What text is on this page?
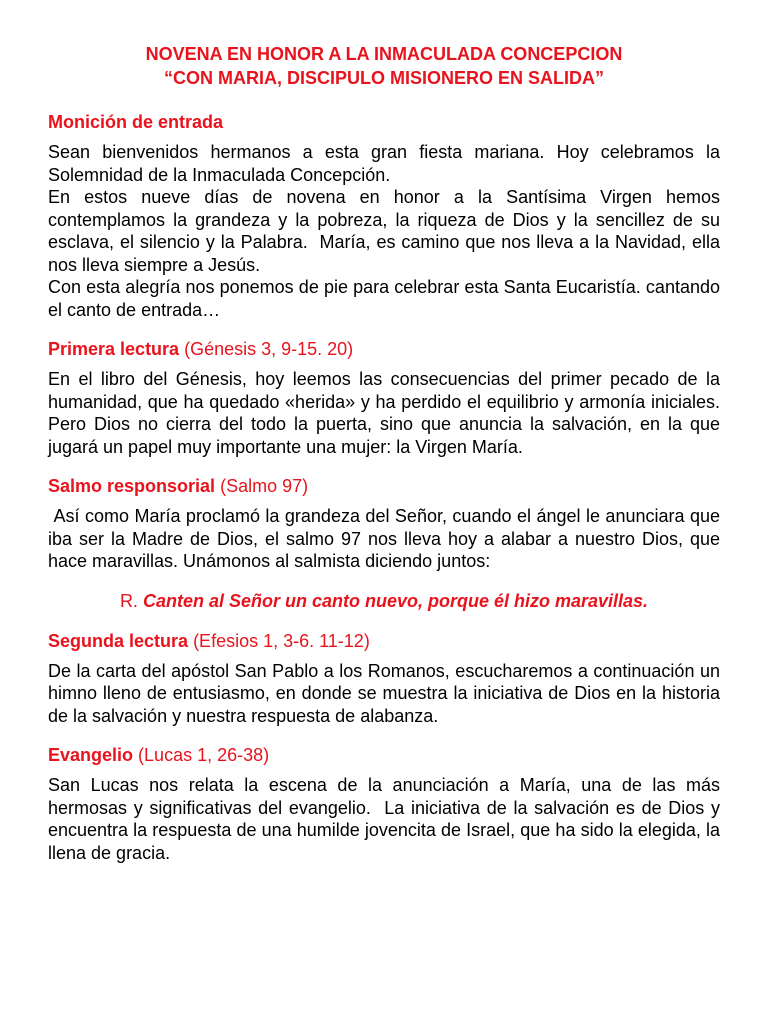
NOVENA EN HONOR A LA INMACULADA CONCEPCION

“CON MARIA, DISCIPULO MISIONERO EN SALIDA”

Monición de entrada

Sean bienvenidos hermanos a esta gran fiesta mariana. Hoy celebramos la Solemnidad de la Inmaculada Concepción.

En estos nueve días de novena en honor a la Santísima Virgen hemos contemplamos la grandeza y la pobreza, la riqueza de Dios y la sencillez de su    esclava, el silencio y la Palabra.  María, es camino que nos lleva a la Navidad, ella nos lleva siempre a Jesús.

Con esta alegría nos ponemos de pie para celebrar esta Santa Eucaristía. cantando el canto de entrada…

Primera lectura (Génesis 3, 9-15. 20)

En el libro del Génesis, hoy leemos las consecuencias del primer pecado de la humanidad, que ha quedado «herida» y ha perdido el equilibrio y armonía iniciales. Pero Dios no cierra del todo la puerta, sino que anuncia la salvación, en la que jugará un papel muy importante una mujer: la Virgen María.

Salmo responsorial (Salmo 97)

Así como María proclamó la grandeza del Señor, cuando el ángel le anunciara que iba ser la Madre de Dios, el salmo 97 nos lleva hoy a alabar a nuestro Dios, que hace maravillas. Unámonos al salmista diciendo juntos:

R. Canten al Señor un canto nuevo, porque él hizo maravillas.

Segunda lectura (Efesios 1, 3-6. 11-12)

De la carta del apóstol San Pablo a los Romanos, escucharemos a continuación un himno lleno de entusiasmo, en donde se muestra la iniciativa de Dios en la historia de la salvación y nuestra respuesta de alabanza.

Evangelio (Lucas 1, 26-38)

San Lucas nos relata la escena de la anunciación a María, una de las más hermosas y significativas del evangelio.  La iniciativa de la salvación es de Dios y encuentra la respuesta de una humilde jovencita de Israel, que ha sido la elegida, la llena de gracia.
